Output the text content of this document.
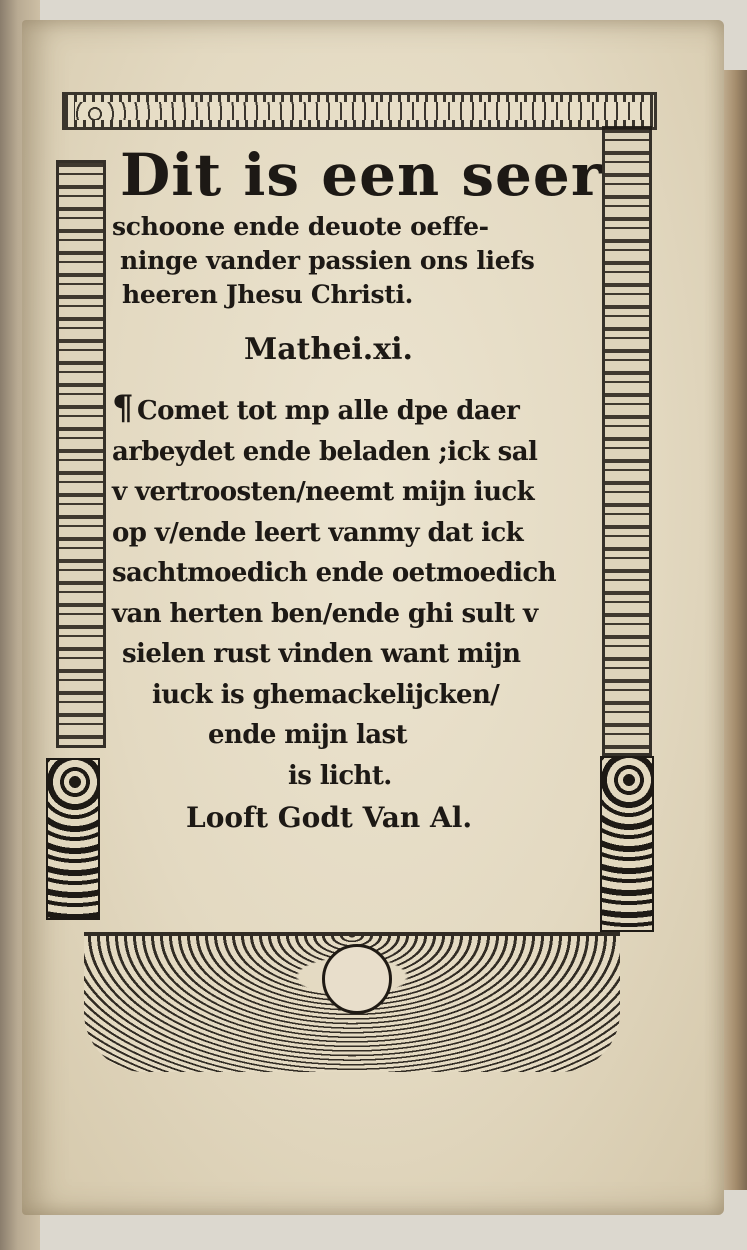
Dit is een seer

schoone ende deuote oeffe-

ninge vander passien ons liefs

heeren Jhesu Christi.

Mathei.xi.

¶ Comet tot mp alle dpe daer

arbeydet ende beladen ;ick sal

v vertroosten/neemt mijn iuck

op v/ende leert vanmy dat ick

sachtmoedich ende oetmoedich

van herten ben/ende ghi sult v

sielen rust vinden want mijn

iuck is ghemackelijcken/

ende mijn last

is licht.

Looft Godt Van Al.
